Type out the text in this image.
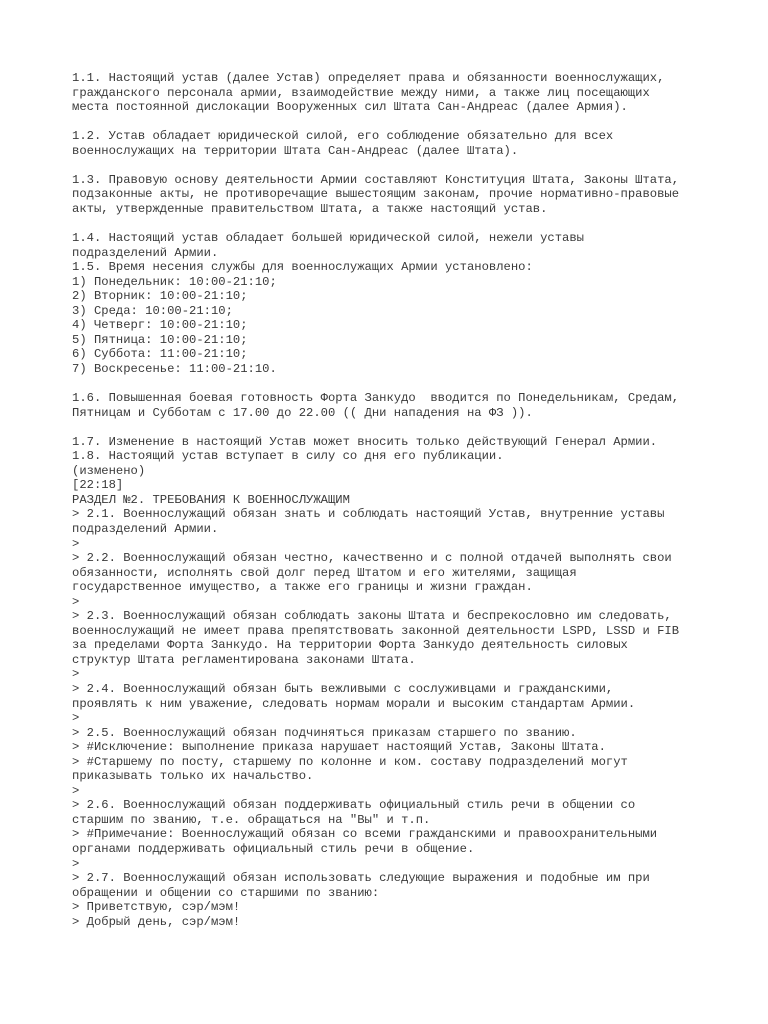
1.1. Настоящий устав (далее Устав) определяет права и обязанности военнослужащих,
гражданского персонала армии, взаимодействие между ними, а также лиц посещающих
места постоянной дислокации Вооруженных сил Штата Сан-Андреас (далее Армия).
1.2. Устав обладает юридической силой, его соблюдение обязательно для всех
военнослужащих на территории Штата Сан-Андреас (далее Штата).
1.3. Правовую основу деятельности Армии составляют Конституция Штата, Законы Штата,
подзаконные акты, не противоречащие вышестоящим законам, прочие нормативно-правовые
акты, утвержденные правительством Штата, а также настоящий устав.
1.4. Настоящий устав обладает большей юридической силой, нежели уставы
подразделений Армии.
1.5. Время несения службы для военнослужащих Армии установлено:
1) Понедельник: 10:00-21:10;
2) Вторник: 10:00-21:10;
3) Среда: 10:00-21:10;
4) Четверг: 10:00-21:10;
5) Пятница: 10:00-21:10;
6) Суббота: 11:00-21:10;
7) Воскресенье: 11:00-21:10.
1.6. Повышенная боевая готовность Форта Занкудо  вводится по Понедельникам, Средам,
Пятницам и Субботам с 17.00 до 22.00 (( Дни нападения на ФЗ )).
1.7. Изменение в настоящий Устав может вносить только действующий Генерал Армии.
1.8. Настоящий устав вступает в силу со дня его публикации.
(изменено)
[22:18]
РАЗДЕЛ №2. ТРЕБОВАНИЯ К ВОЕННОСЛУЖАЩИМ
> 2.1. Военнослужащий обязан знать и соблюдать настоящий Устав, внутренние уставы
подразделений Армии.
>
> 2.2. Военнослужащий обязан честно, качественно и с полной отдачей выполнять свои
обязанности, исполнять свой долг перед Штатом и его жителями, защищая
государственное имущество, а также его границы и жизни граждан.
>
> 2.3. Военнослужащий обязан соблюдать законы Штата и беспрекословно им следовать,
военнослужащий не имеет права препятствовать законной деятельности LSPD, LSSD и FIB
за пределами Форта Занкудо. На территории Форта Занкудо деятельность силовых
структур Штата регламентирована законами Штата.
>
> 2.4. Военнослужащий обязан быть вежливыми с сослуживцами и гражданскими,
проявлять к ним уважение, следовать нормам морали и высоким стандартам Армии.
>
> 2.5. Военнослужащий обязан подчиняться приказам старшего по званию.
> #Исключение: выполнение приказа нарушает настоящий Устав, Законы Штата.
> #Старшему по посту, старшему по колонне и ком. составу подразделений могут
приказывать только их начальство.
>
> 2.6. Военнослужащий обязан поддерживать официальный стиль речи в общении со
старшим по званию, т.е. обращаться на "Вы" и т.п.
> #Примечание: Военнослужащий обязан со всеми гражданскими и правоохранительными
органами поддерживать официальный стиль речи в общение.
>
> 2.7. Военнослужащий обязан использовать следующие выражения и подобные им при
обращении и общении со старшими по званию:
> Приветствую, сэр/мэм!
> Добрый день, сэр/мэм!
